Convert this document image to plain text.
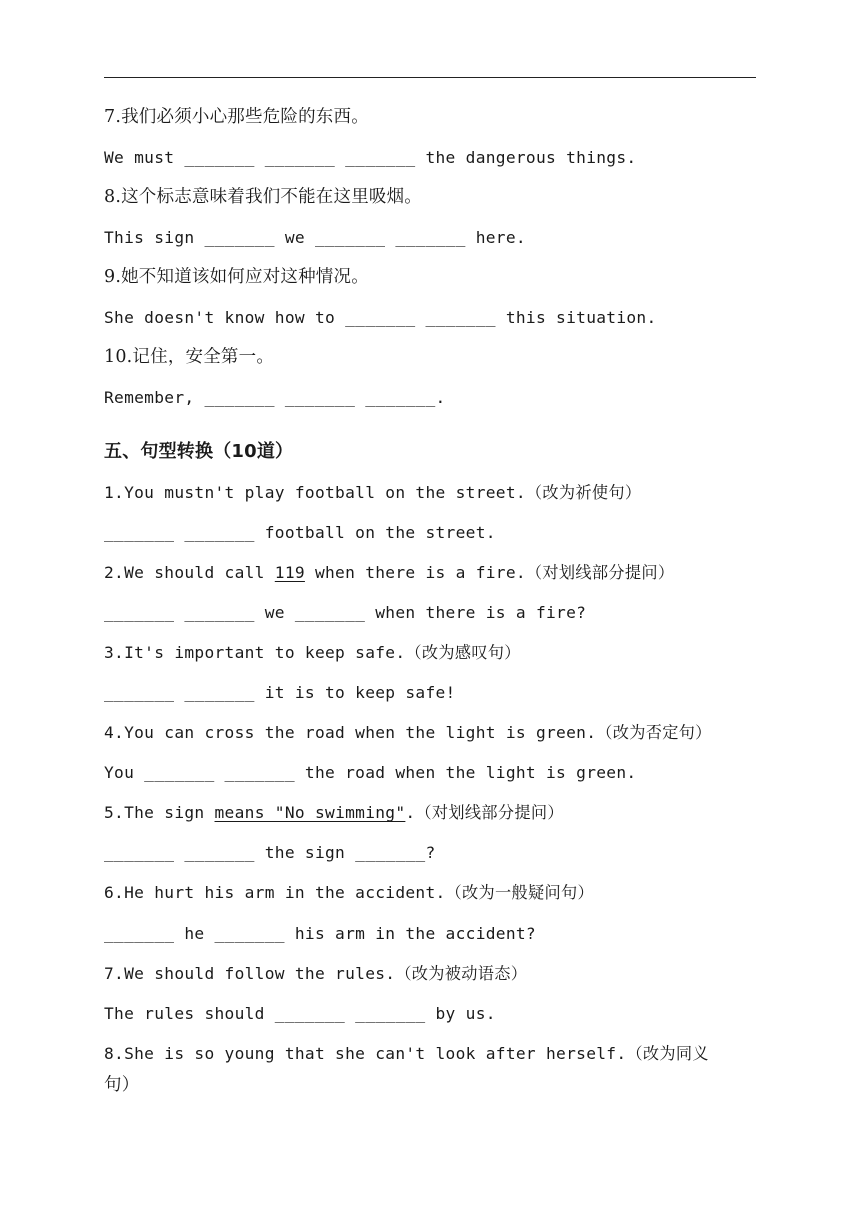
7.我们必须小心那些危险的东西。
We must _______ _______ _______ the dangerous things.
8.这个标志意味着我们不能在这里吸烟。
This sign _______ we _______ _______ here.
9.她不知道该如何应对这种情况。
She doesn't know how to _______ _______ this situation.
10.记住，安全第一。
Remember, _______ _______ _______.
五、句型转换（10道）
1.You mustn't play football on the street.（改为祈使句）
_______ _______ football on the street.
2.We should call 119 when there is a fire.（对划线部分提问）
_______ _______ we _______ when there is a fire?
3.It's important to keep safe.（改为感叹句）
_______ _______ it is to keep safe!
4.You can cross the road when the light is green.（改为否定句）
You _______ _______ the road when the light is green.
5.The sign means "No swimming".（对划线部分提问）
_______ _______ the sign _______?
6.He hurt his arm in the accident.（改为一般疑问句）
_______ he _______ his arm in the accident?
7.We should follow the rules.（改为被动语态）
The rules should _______ _______ by us.
8.She is so young that she can't look after herself.（改为同义
句）
